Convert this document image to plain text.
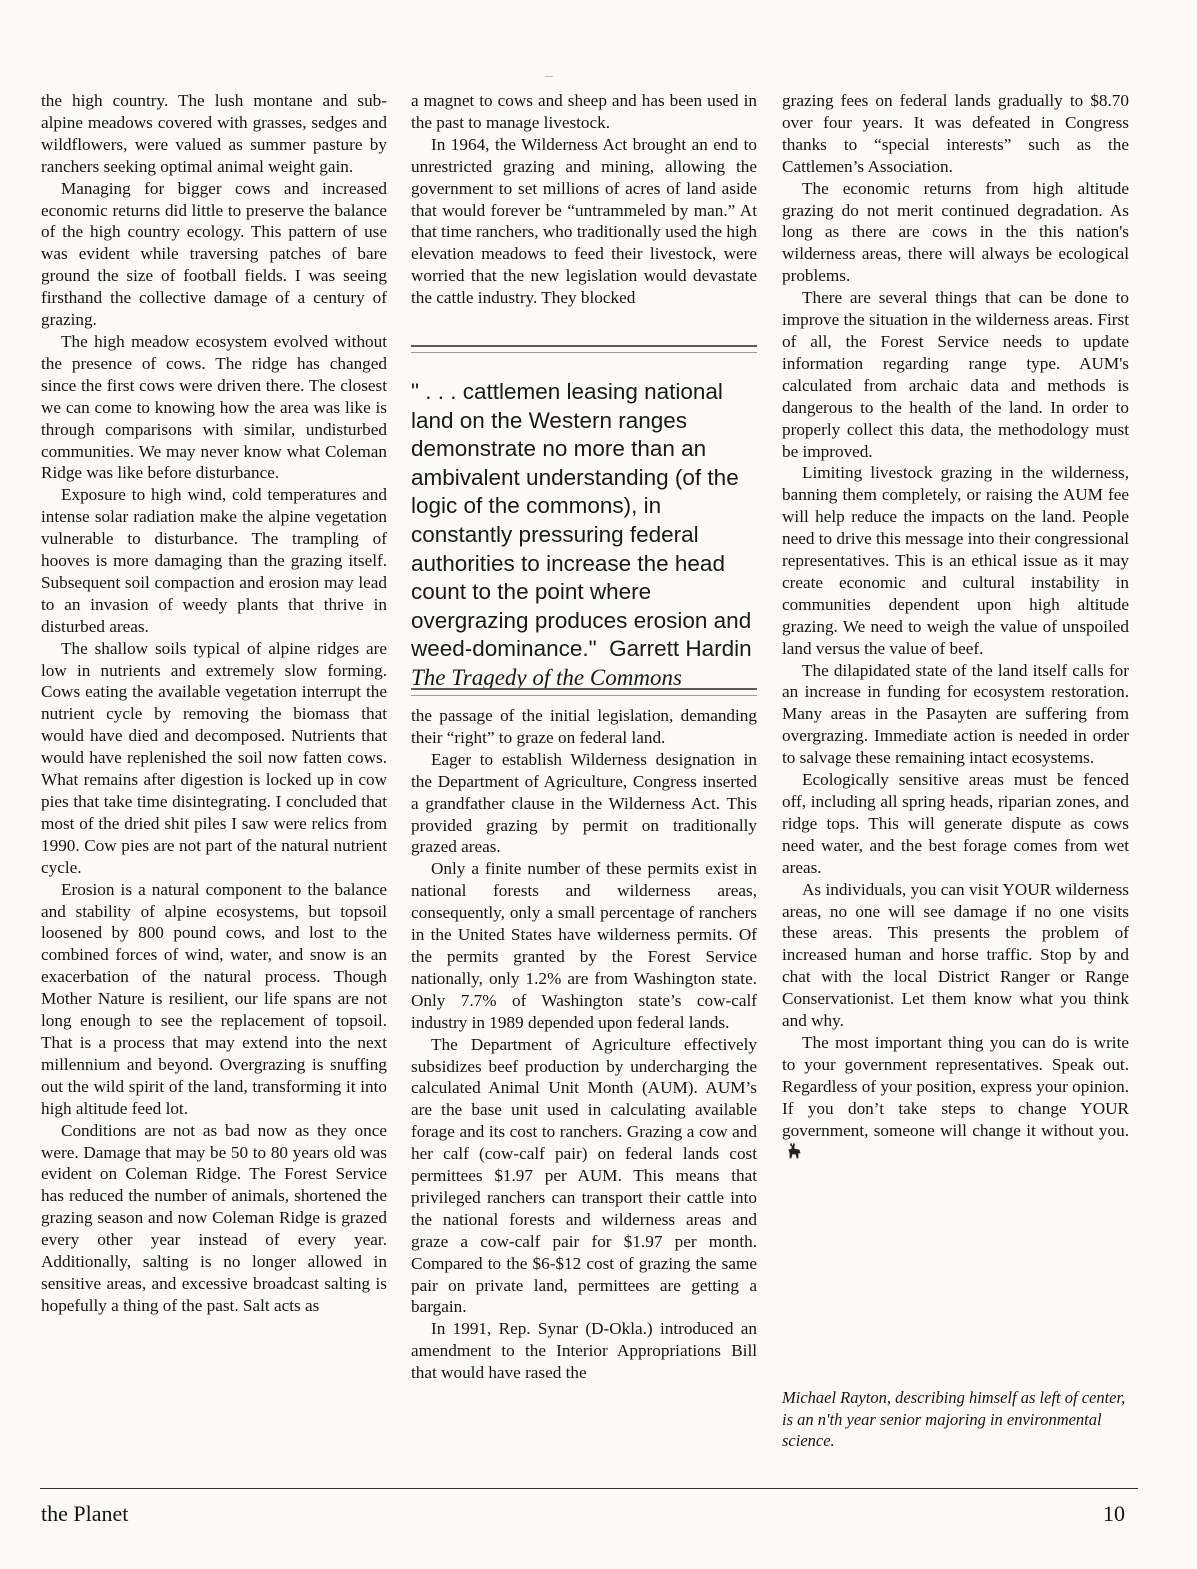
the high country. The lush montane and sub-alpine meadows covered with grasses, sedges and wildflowers, were valued as summer pasture by ranchers seeking optimal animal weight gain.

Managing for bigger cows and increased economic returns did little to preserve the balance of the high country ecology. This pattern of use was evident while traversing patches of bare ground the size of football fields. I was seeing firsthand the collective damage of a century of grazing.

The high meadow ecosystem evolved without the presence of cows. The ridge has changed since the first cows were driven there. The closest we can come to knowing how the area was like is through comparisons with similar, undisturbed communities. We may never know what Coleman Ridge was like before disturbance.

Exposure to high wind, cold temperatures and intense solar radiation make the alpine vegetation vulnerable to disturbance. The trampling of hooves is more damaging than the grazing itself. Subsequent soil compaction and erosion may lead to an invasion of weedy plants that thrive in disturbed areas.

The shallow soils typical of alpine ridges are low in nutrients and extremely slow forming. Cows eating the available vegetation interrupt the nutrient cycle by removing the biomass that would have died and decomposed. Nutrients that would have replenished the soil now fatten cows. What remains after digestion is locked up in cow pies that take time disintegrating. I concluded that most of the dried shit piles I saw were relics from 1990. Cow pies are not part of the natural nutrient cycle.

Erosion is a natural component to the balance and stability of alpine ecosystems, but topsoil loosened by 800 pound cows, and lost to the combined forces of wind, water, and snow is an exacerbation of the natural process. Though Mother Nature is resilient, our life spans are not long enough to see the replacement of topsoil. That is a process that may extend into the next millennium and beyond. Overgrazing is snuffing out the wild spirit of the land, transforming it into high altitude feed lot.

Conditions are not as bad now as they once were. Damage that may be 50 to 80 years old was evident on Coleman Ridge. The Forest Service has reduced the number of animals, shortened the grazing season and now Coleman Ridge is grazed every other year instead of every year. Additionally, salting is no longer allowed in sensitive areas, and excessive broadcast salting is hopefully a thing of the past. Salt acts as

a magnet to cows and sheep and has been used in the past to manage livestock.

In 1964, the Wilderness Act brought an end to unrestricted grazing and mining, allowing the government to set millions of acres of land aside that would forever be “untrammeled by man.” At that time ranchers, who traditionally used the high elevation meadows to feed their livestock, were worried that the new legislation would devastate the cattle industry. They blocked

" . . . cattlemen leasing national land on the Western ranges demonstrate no more than an ambivalent understanding (of the logic of the commons), in constantly pressuring federal authorities to increase the head count to the point where overgrazing produces erosion and weed-dominance." Garrett Hardin
The Tragedy of the Commons

the passage of the initial legislation, demanding their “right” to graze on federal land.

Eager to establish Wilderness designation in the Department of Agriculture, Congress inserted a grandfather clause in the Wilderness Act. This provided grazing by permit on traditionally grazed areas.

Only a finite number of these permits exist in national forests and wilderness areas, consequently, only a small percentage of ranchers in the United States have wilderness permits. Of the permits granted by the Forest Service nationally, only 1.2% are from Washington state. Only 7.7% of Washington state’s cow-calf industry in 1989 depended upon federal lands.

The Department of Agriculture effectively subsidizes beef production by undercharging the calculated Animal Unit Month (AUM). AUM’s are the base unit used in calculating available forage and its cost to ranchers. Grazing a cow and her calf (cow-calf pair) on federal lands cost permittees $1.97 per AUM. This means that privileged ranchers can transport their cattle into the national forests and wilderness areas and graze a cow-calf pair for $1.97 per month. Compared to the $6-$12 cost of grazing the same pair on private land, permittees are getting a bargain.

In 1991, Rep. Synar (D-Okla.) introduced an amendment to the Interior Appropriations Bill that would have rased the

grazing fees on federal lands gradually to $8.70 over four years. It was defeated in Congress thanks to “special interests” such as the Cattlemen’s Association.

The economic returns from high altitude grazing do not merit continued degradation. As long as there are cows in the this nation's wilderness areas, there will always be ecological problems.

There are several things that can be done to improve the situation in the wilderness areas. First of all, the Forest Service needs to update information regarding range type. AUM's calculated from archaic data and methods is dangerous to the health of the land. In order to properly collect this data, the methodology must be improved.

Limiting livestock grazing in the wilderness, banning them completely, or raising the AUM fee will help reduce the impacts on the land. People need to drive this message into their congressional representatives. This is an ethical issue as it may create economic and cultural instability in communities dependent upon high altitude grazing. We need to weigh the value of unspoiled land versus the value of beef.

The dilapidated state of the land itself calls for an increase in funding for ecosystem restoration. Many areas in the Pasayten are suffering from overgrazing. Immediate action is needed in order to salvage these remaining intact ecosystems.

Ecologically sensitive areas must be fenced off, including all spring heads, riparian zones, and ridge tops. This will generate dispute as cows need water, and the best forage comes from wet areas.

As individuals, you can visit YOUR wilderness areas, no one will see damage if no one visits these areas. This presents the problem of increased human and horse traffic. Stop by and chat with the local District Ranger or Range Conservationist. Let them know what you think and why.

The most important thing you can do is write to your government representatives. Speak out. Regardless of your position, express your opinion. If you don’t take steps to change YOUR government, someone will change it without you.

Michael Rayton, describing himself as left of center, is an n'th year senior majoring in environmental science.
the Planet	10
